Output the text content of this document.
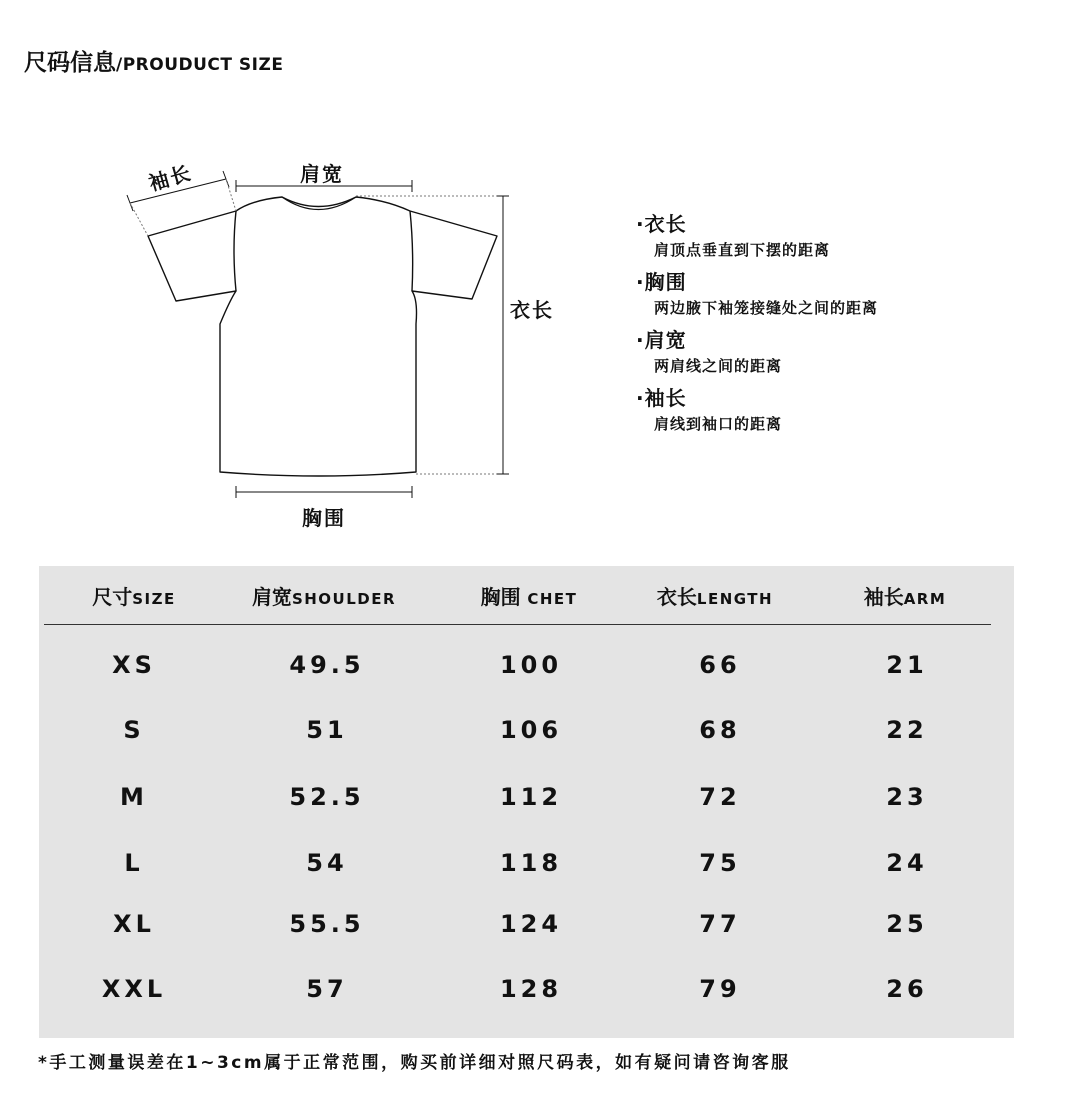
尺码信息/PROUDUCT SIZE
袖长	肩宽
衣长
胸围
·衣长
肩顶点垂直到下摆的距离
·胸围
两边腋下袖笼接缝处之间的距离
·肩宽
两肩线之间的距离
·袖长
肩线到袖口的距离
尺寸SIZE	肩宽SHOULDER	胸围 CHET	衣长LENGTH	袖长ARM
XS	49.5	100	66	21
S	51	106	68	22
M	52.5	112	72	23
L	54	118	75	24
XL	55.5	124	77	25
XXL	57	128	79	26
*手工测量误差在1~3cm属于正常范围，购买前详细对照尺码表，如有疑问请咨询客服
